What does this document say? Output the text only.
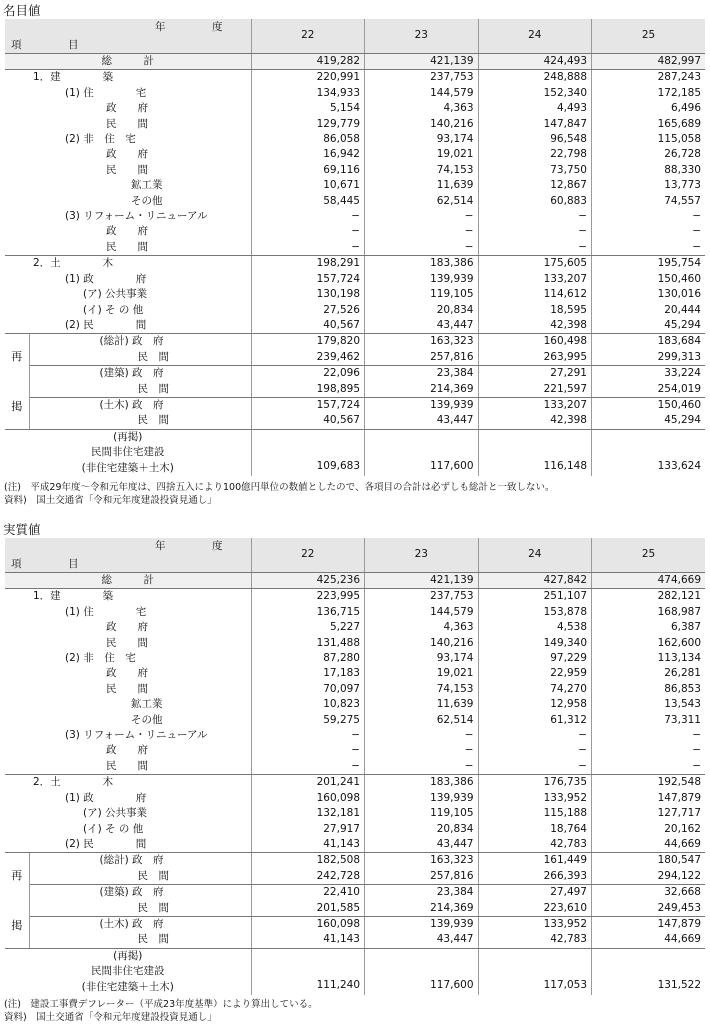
名目値
年　度
項　目		22	23	24	25
総　　　計		419,282	421,139	424,493	482,997
1．建　　　　築		220,991	237,753	248,888	287,243
(1) 住　　　　宅		134,933	144,579	152,340	172,185
政　　府		5,154	4,363	4,493	6,496
民　　間		129,779	140,216	147,847	165,689
(2) 非　住　宅		86,058	93,174	96,548	115,058
政　　府		16,942	19,021	22,798	26,728
民　　間		69,116	74,153	73,750	88,330
鉱工業		10,671	11,639	12,867	13,773
その他		58,445	62,514	60,883	74,557
(3) リフォーム・リニューアル		−	−	−	−
政　　府		−	−	−	−
民　　間		−	−	−	−
2．土　　　　木		198,291	183,386	175,605	195,754
(1) 政　　　　府		157,724	139,939	133,207	150,460
(ア) 公共事業		130,198	119,105	114,612	130,016
(イ) そ の 他		27,526	20,834	18,595	20,444
(2) 民　　　　間		40,567	43,447	42,398	45,294

再
掲	(総計) 政　府	179,820	163,323	160,498	183,684
	民　間	239,462	257,816	263,995	299,313
	(建築) 政　府	22,096	23,384	27,291	33,224
	民　間	198,895	214,369	221,597	254,019
	(土木) 政　府	157,724	139,939	133,207	150,460
	民　間	40,567	43,447	42,398	45,294

(再掲)
民間非住宅建設
(非住宅建築＋土木)		109,683	117,600	116,148	133,624
(注)　平成29年度～令和元年度は、四捨五入により100億円単位の数値としたので、各項目の合計は必ずしも総計と一致しない。
資料)　国土交通省「令和元年度建設投資見通し」
実質値
年　度
項　目		22	23	24	25
総　　　計		425,236	421,139	427,842	474,669
1．建　　　　築		223,995	237,753	251,107	282,121
(1) 住　　　　宅		136,715	144,579	153,878	168,987
政　　府		5,227	4,363	4,538	6,387
民　　間		131,488	140,216	149,340	162,600
(2) 非　住　宅		87,280	93,174	97,229	113,134
政　　府		17,183	19,021	22,959	26,281
民　　間		70,097	74,153	74,270	86,853
鉱工業		10,823	11,639	12,958	13,543
その他		59,275	62,514	61,312	73,311
(3) リフォーム・リニューアル		−	−	−	−
政　　府		−	−	−	−
民　　間		−	−	−	−
2．土　　　　木		201,241	183,386	176,735	192,548
(1) 政　　　　府		160,098	139,939	133,952	147,879
(ア) 公共事業		132,181	119,105	115,188	127,717
(イ) そ の 他		27,917	20,834	18,764	20,162
(2) 民　　　　間		41,143	43,447	42,783	44,669

再
掲	(総計) 政　府	182,508	163,323	161,449	180,547
	民　間	242,728	257,816	266,393	294,122
	(建築) 政　府	22,410	23,384	27,497	32,668
	民　間	201,585	214,369	223,610	249,453
	(土木) 政　府	160,098	139,939	133,952	147,879
	民　間	41,143	43,447	42,783	44,669

(再掲)
民間非住宅建設
(非住宅建築＋土木)		111,240	117,600	117,053	131,522
(注)　建設工事費デフレーター（平成23年度基準）により算出している。
資料)　国土交通省「令和元年度建設投資見通し」
